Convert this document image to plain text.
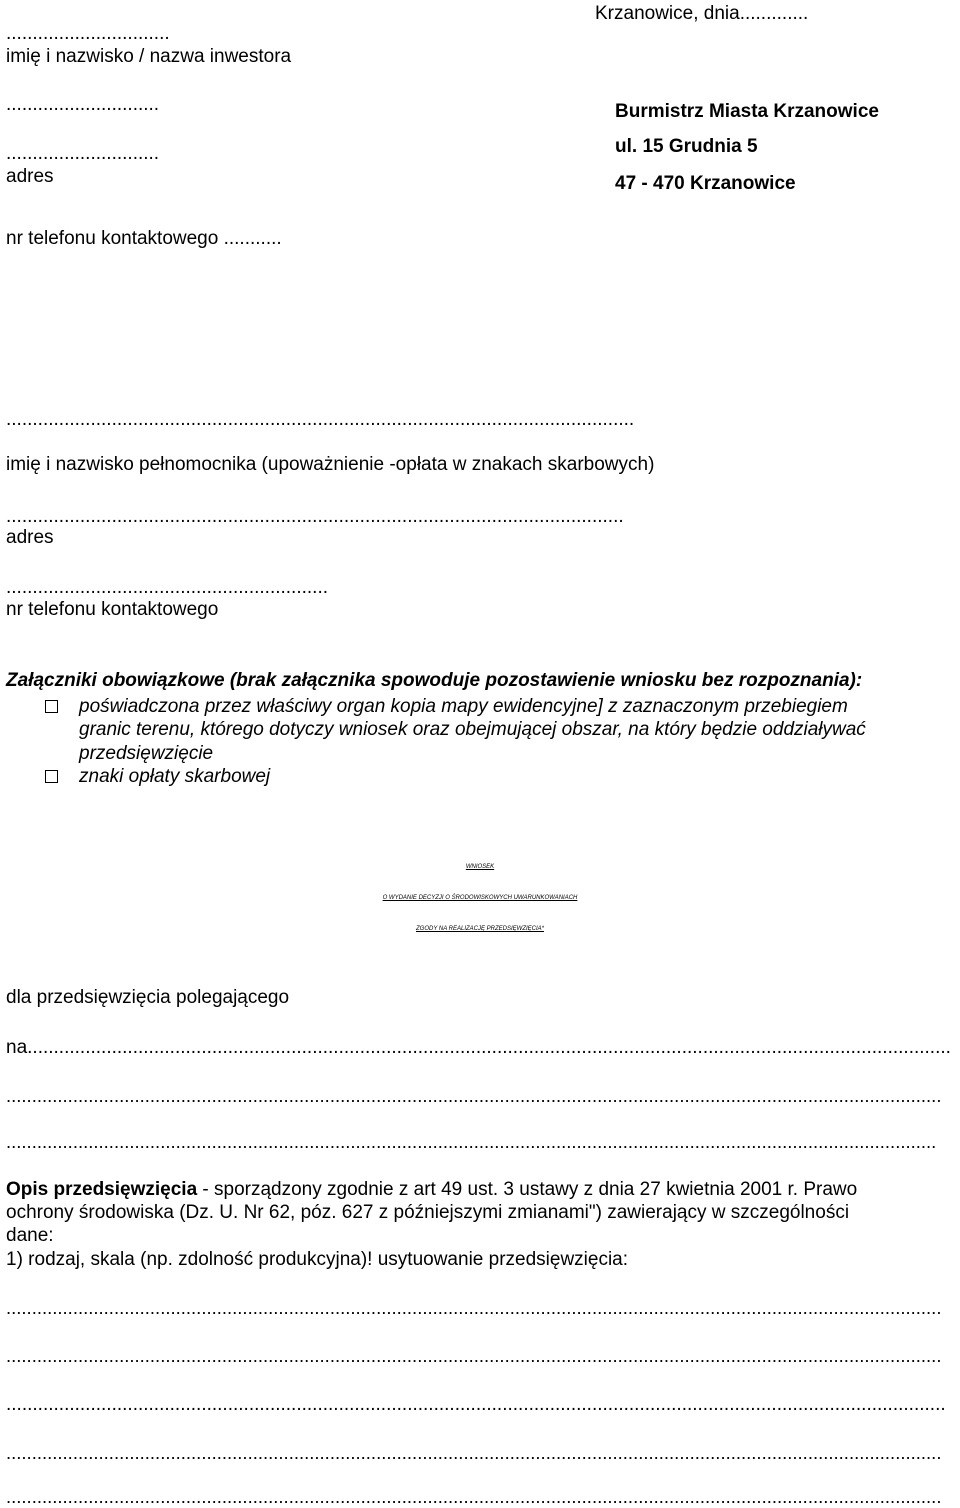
...............................
imię i nazwisko / nazwa inwestora
.............................
.............................
adres
nr telefonu kontaktowego ...........
Krzanowice, dnia.............
Burmistrz Miasta Krzanowice
ul. 15 Grudnia 5
47 - 470 Krzanowice
.......................................................................................................................
imię i nazwisko pełnomocnika (upoważnienie -opłata w znakach skarbowych)
.....................................................................................................................
adres
.............................................................
nr telefonu kontaktowego
Załączniki obowiązkowe (brak załącznika spowoduje pozostawienie wniosku bez rozpoznania):
poświadczona przez właściwy organ kopia mapy ewidencyjne] z zaznaczonym przebiegiem
granic terenu, którego dotyczy wniosek oraz obejmującej obszar, na który będzie oddziaływać
przedsięwzięcie
znaki opłaty skarbowej
WNIOSEK
O WYDANIE DECYZJI O ŚRODOWISKOWYCH UWARUNKOWANIACH
ZGODY NA REALIZACJĘ PRZEDSIĘWZIĘCIA*
dla przedsięwzięcia polegającego
na...............................................................................................................................................................................
......................................................................................................................................................................................
.....................................................................................................................................................................................
Opis przedsięwzięcia - sporządzony zgodnie z art 49 ust. 3 ustawy z dnia 27 kwietnia 2001 r. Prawo
ochrony środowiska (Dz. U. Nr 62, póz. 627 z późniejszymi zmianami") zawierający w szczególności
dane:
1) rodzaj, skala (np. zdolność produkcyjna)! usytuowanie przedsięwzięcia:
......................................................................................................................................................................................
......................................................................................................................................................................................
..................................................................................................................................................................................
......................................................................................................................................................................................
......................................................................................................................................................................................
